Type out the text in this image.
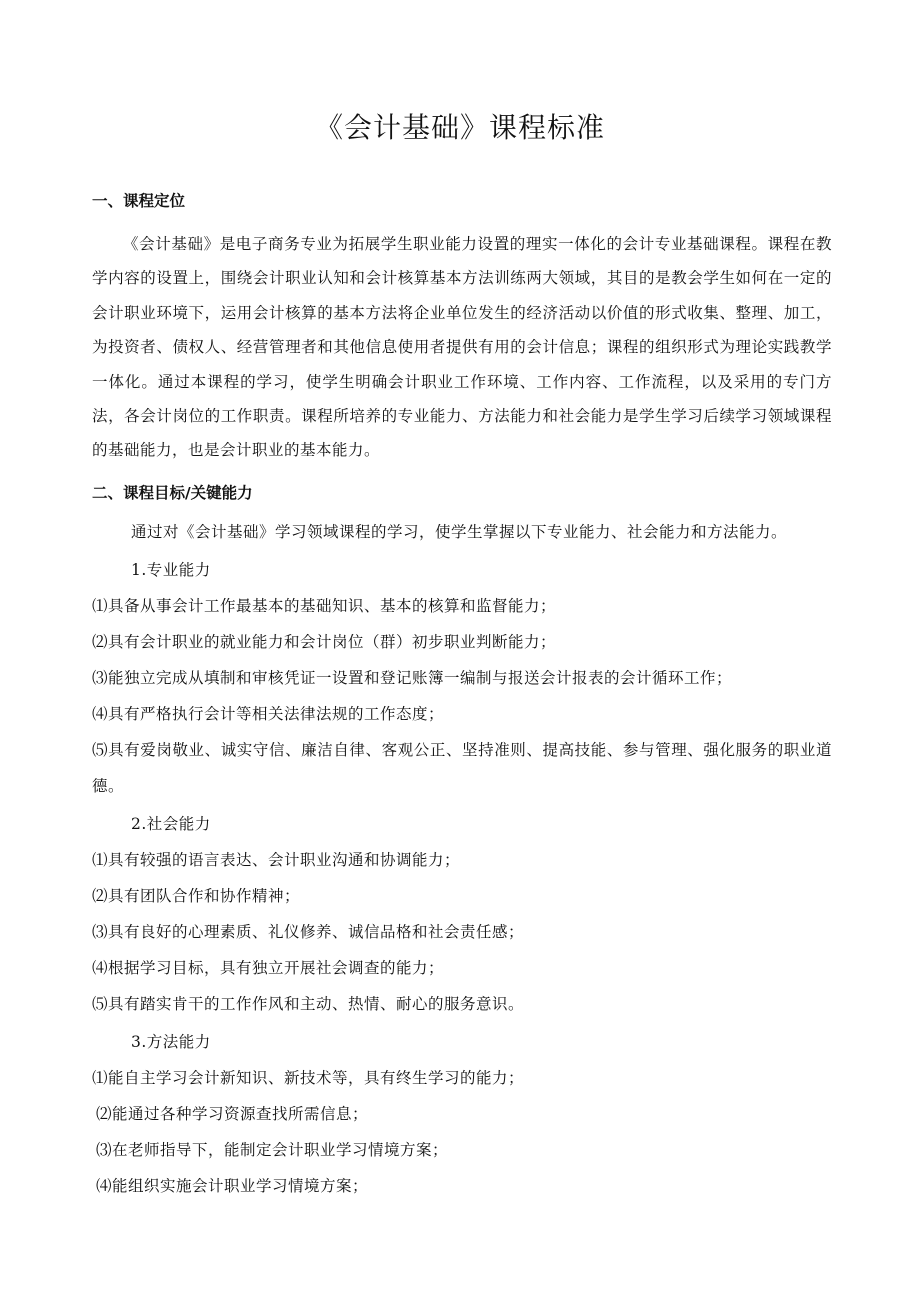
《会计基础》课程标准
一、课程定位
《会计基础》是电子商务专业为拓展学生职业能力设置的理实一体化的会计专业基础课程。课程在教学内容的设置上，围绕会计职业认知和会计核算基本方法训练两大领域，其目的是教会学生如何在一定的会计职业环境下，运用会计核算的基本方法将企业单位发生的经济活动以价值的形式收集、整理、加工，为投资者、债权人、经营管理者和其他信息使用者提供有用的会计信息；课程的组织形式为理论实践教学一体化。通过本课程的学习，使学生明确会计职业工作环境、工作内容、工作流程，以及采用的专门方法，各会计岗位的工作职责。课程所培养的专业能力、方法能力和社会能力是学生学习后续学习领域课程的基础能力，也是会计职业的基本能力。
二、课程目标/关键能力
通过对《会计基础》学习领域课程的学习，使学生掌握以下专业能力、社会能力和方法能力。
1.专业能力
⑴具备从事会计工作最基本的基础知识、基本的核算和监督能力；
⑵具有会计职业的就业能力和会计岗位（群）初步职业判断能力；
⑶能独立完成从填制和审核凭证一设置和登记账簿一编制与报送会计报表的会计循环工作；
⑷具有严格执行会计等相关法律法规的工作态度；
⑸具有爱岗敬业、诚实守信、廉洁自律、客观公正、坚持准则、提高技能、参与管理、强化服务的职业道德。
2.社会能力
⑴具有较强的语言表达、会计职业沟通和协调能力；
⑵具有团队合作和协作精神；
⑶具有良好的心理素质、礼仪修养、诚信品格和社会责任感；
⑷根据学习目标，具有独立开展社会调查的能力；
⑸具有踏实肯干的工作作风和主动、热情、耐心的服务意识。
3.方法能力
⑴能自主学习会计新知识、新技术等，具有终生学习的能力；
⑵能通过各种学习资源查找所需信息；
⑶在老师指导下，能制定会计职业学习情境方案；
⑷能组织实施会计职业学习情境方案；
